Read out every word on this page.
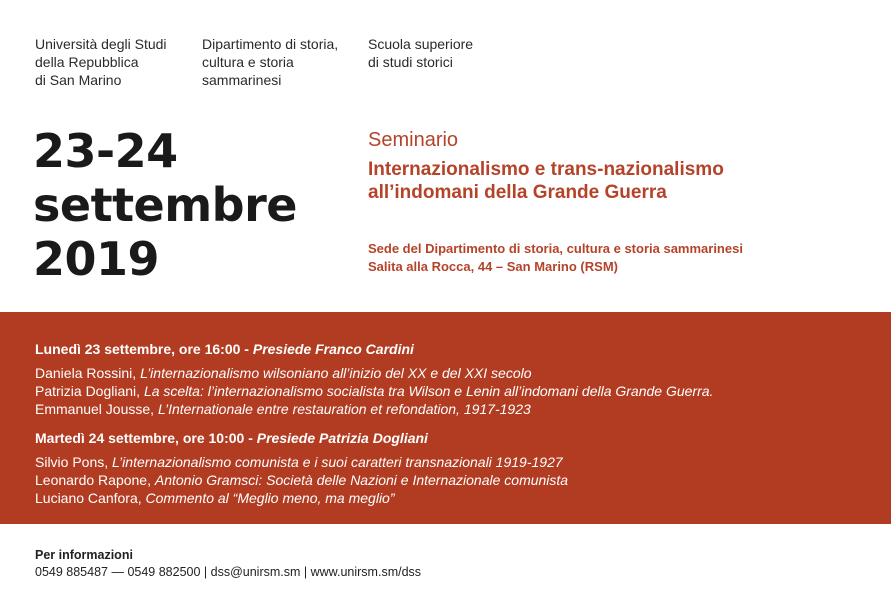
Università degli Studi
della Repubblica
di San Marino
Dipartimento di storia,
cultura e storia
sammarinesi
Scuola superiore
di studi storici
23-24
settembre
2019
Seminario
Internazionalismo e trans-nazionalismo
all’indomani della Grande Guerra
Sede del Dipartimento di storia, cultura e storia sammarinesi
Salita alla Rocca, 44 – San Marino (RSM)
Lunedì 23 settembre, ore 16:00 - Presiede Franco Cardini
Daniela Rossini, L’internazionalismo wilsoniano all’inizio del XX e del XXI secolo
Patrizia Dogliani, La scelta: l’internazionalismo socialista tra Wilson e Lenin all’indomani della Grande Guerra.
Emmanuel Jousse, L’Internationale entre restauration et refondation, 1917-1923
Martedì 24 settembre, ore 10:00 - Presiede Patrizia Dogliani
Silvio Pons, L’internazionalismo comunista e i suoi caratteri transnazionali 1919-1927
Leonardo Rapone, Antonio Gramsci: Società delle Nazioni e Internazionale comunista
Luciano Canfora, Commento al “Meglio meno, ma meglio”
Per informazioni
0549 885487 — 0549 882500 | dss@unirsm.sm | www.unirsm.sm/dss
